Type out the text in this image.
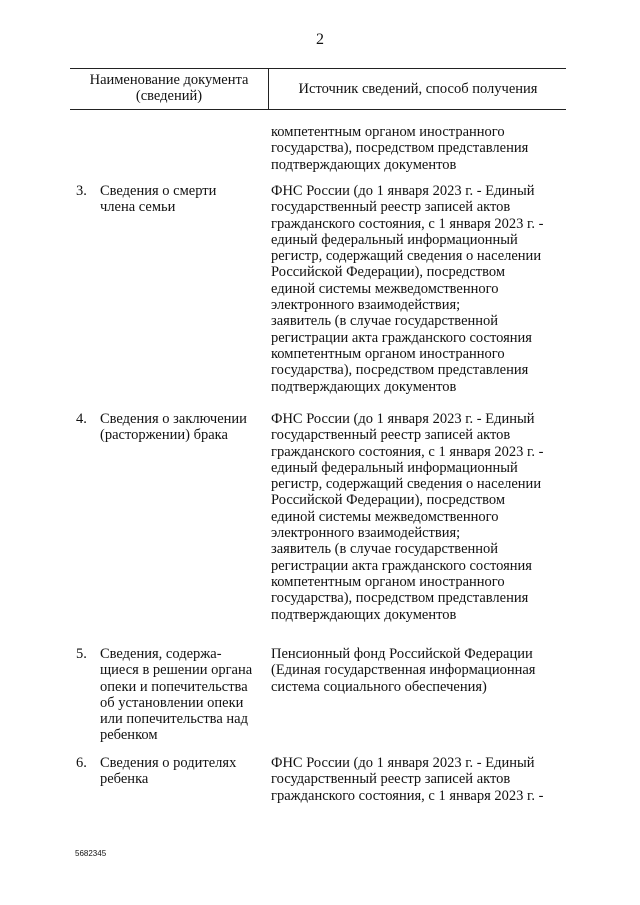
2
Наименование документа
(сведений)	Источник сведений, способ получения
компетентным органом иностранного
государства), посредством представления
подтверждающих документов
3. Сведения о смерти
члена семьи
ФНС России (до 1 января 2023 г. - Единый
государственный реестр записей актов
гражданского состояния, с 1 января 2023 г. -
единый федеральный информационный
регистр, содержащий сведения о населении
Российской Федерации), посредством
единой системы межведомственного
электронного взаимодействия;
заявитель (в случае государственной
регистрации акта гражданского состояния
компетентным органом иностранного
государства), посредством представления
подтверждающих документов
4. Сведения о заключении
(расторжении) брака
ФНС России (до 1 января 2023 г. - Единый
государственный реестр записей актов
гражданского состояния, с 1 января 2023 г. -
единый федеральный информационный
регистр, содержащий сведения о населении
Российской Федерации), посредством
единой системы межведомственного
электронного взаимодействия;
заявитель (в случае государственной
регистрации акта гражданского состояния
компетентным органом иностранного
государства), посредством представления
подтверждающих документов
5. Сведения, содержа-
щиеся в решении органа
опеки и попечительства
об установлении опеки
или попечительства над
ребенком
Пенсионный фонд Российской Федерации
(Единая государственная информационная
система социального обеспечения)
6. Сведения о родителях
ребенка
ФНС России (до 1 января 2023 г. - Единый
государственный реестр записей актов
гражданского состояния, с 1 января 2023 г. -
5682345
